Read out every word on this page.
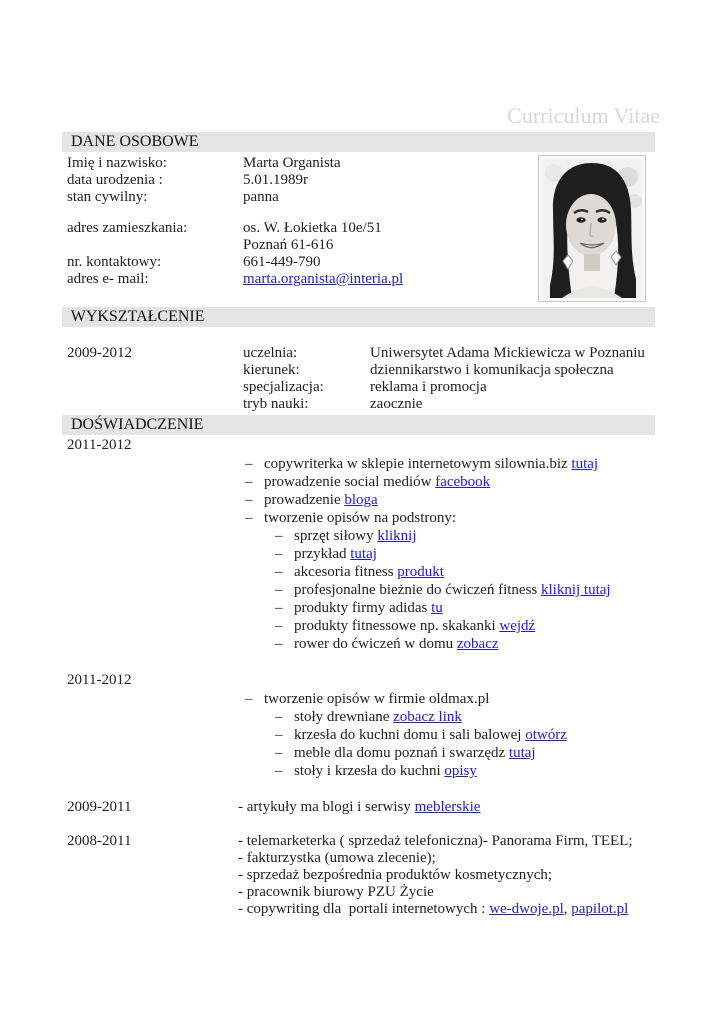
Curriculum Vitae
DANE OSOBOWE
Imię i nazwisko:	Marta Organista
data urodzenia :	5.01.1989r
stan cywilny:	panna
adres zamieszkania:	os. W. Łokietka 10e/51
Poznań 61-616
nr. kontaktowy:	661-449-790
adres e- mail:	marta.organista@interia.pl
WYKSZTAŁCENIE
2009-2012	uczelnia:	Uniwersytet Adama Mickiewicza w Poznaniu
kierunek:	dziennikarstwo i komunikacja społeczna
specjalizacja:	reklama i promocja
tryb nauki:	zaocznie
DOŚWIADCZENIE
2011-2012
– copywriterka w sklepie internetowym silownia.biz tutaj
– prowadzenie social mediów facebook
– prowadzenie bloga
– tworzenie opisów na podstrony:
– sprzęt siłowy kliknij
– przykład tutaj
– akcesoria fitness produkt
– profesjonalne bieżnie do ćwiczeń fitness kliknij tutaj
– produkty firmy adidas tu
– produkty fitnessowe np. skakanki wejdź
– rower do ćwiczeń w domu zobacz
2011-2012
– tworzenie opisów w firmie oldmax.pl
– stoły drewniane zobacz link
– krzesła do kuchni domu i sali balowej otwórz
– meble dla domu poznań i swarzędz tutaj
– stoły i krzesła do kuchni opisy
2009-2011	- artykuły ma blogi i serwisy meblerskie
2008-2011	- telemarketerka ( sprzedaż telefoniczna)- Panorama Firm, TEEL;
- fakturzystka (umowa zlecenie);
- sprzedaż bezpośrednia produktów kosmetycznych;
- pracownik biurowy PZU Życie
- copywriting dla  portali internetowych : we-dwoje.pl, papilot.pl
